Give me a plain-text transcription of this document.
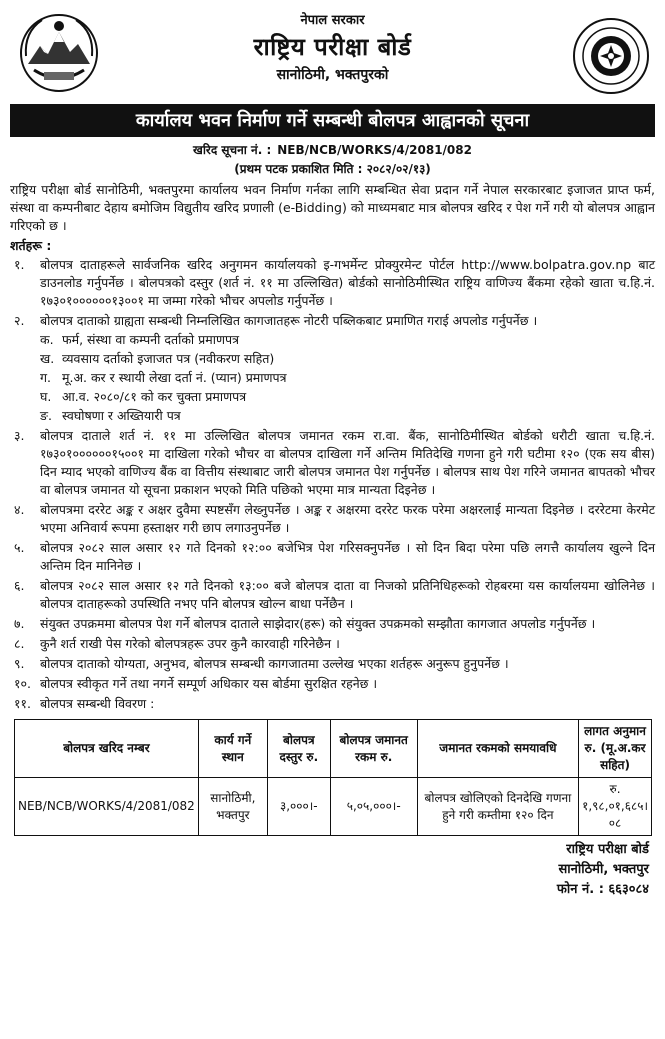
नेपाल सरकार
राष्ट्रिय परीक्षा बोर्ड
सानोठिमी, भक्तपुरको
कार्यालय भवन निर्माण गर्ने सम्बन्धी बोलपत्र आह्वानको सूचना
खरिद सूचना नं. : NEB/NCB/WORKS/4/2081/082
(प्रथम पटक प्रकाशित मिति : २०८२/०२/१३)
राष्ट्रिय परीक्षा बोर्ड सानोठिमी, भक्तपुरमा कार्यालय भवन निर्माण गर्नका लागि सम्बन्धित सेवा प्रदान गर्ने नेपाल सरकारबाट इजाजत प्राप्त फर्म, संस्था वा कम्पनीबाट देहाय बमोजिम विद्युतीय खरिद प्रणाली (e-Bidding) को माध्यमबाट मात्र बोलपत्र खरिद र पेश गर्ने गरी यो बोलपत्र आह्वान गरिएको छ ।
शर्तहरू :
१.	बोलपत्र दाताहरूले सार्वजनिक खरिद अनुगमन कार्यालयको इ-गभर्मेन्ट प्रोक्युरमेन्ट पोर्टल http://www.bolpatra.gov.np बाट डाउनलोड गर्नुपर्नेछ । बोलपत्रको दस्तुर (शर्त नं. ११ मा उल्लिखित) बोर्डको सानोठिमीस्थित राष्ट्रिय वाणिज्य बैंकमा रहेको खाता च.हि.नं. १७३०१००००००१३००१ मा जम्मा गरेको भौचर अपलोड गर्नुपर्नेछ ।
२.	बोलपत्र दाताको ग्राह्यता सम्बन्धी निम्नलिखित कागजातहरू नोटरी पब्लिकबाट प्रमाणित गराई अपलोड गर्नुपर्नेछ ।
क. फर्म, संस्था वा कम्पनी दर्ताको प्रमाणपत्र
ख. व्यवसाय दर्ताको इजाजत पत्र (नवीकरण सहित)
ग. मू.अ. कर र स्थायी लेखा दर्ता नं. (प्यान) प्रमाणपत्र
घ. आ.व. २०८०/८१ को कर चुक्ता प्रमाणपत्र
ङ. स्वघोषणा र अख्तियारी पत्र
३.	बोलपत्र दाताले शर्त नं. ११ मा उल्लिखित बोलपत्र जमानत रकम रा.वा. बैंक, सानोठिमीस्थित बोर्डको धरौटी खाता च.हि.नं. १७३०१००००००१५००१ मा दाखिला गरेको भौचर वा बोलपत्र दाखिला गर्ने अन्तिम मितिदेखि गणना हुने गरी घटीमा १२० (एक सय बीस) दिन म्याद भएको वाणिज्य बैंक वा वित्तीय संस्थाबाट जारी बोलपत्र जमानत पेश गर्नुपर्नेछ । बोलपत्र साथ पेश गरिने जमानत बापतको भौचर वा बोलपत्र जमानत यो सूचना प्रकाशन भएको मिति पछिको भएमा मात्र मान्यता दिइनेछ ।
४.	बोलपत्रमा दररेट अङ्क र अक्षर दुवैमा स्पष्टसँग लेख्नुपर्नेछ । अङ्क र अक्षरमा दररेट फरक परेमा अक्षरलाई मान्यता दिइनेछ । दररेटमा केरमेट भएमा अनिवार्य रूपमा हस्ताक्षर गरी छाप लगाउनुपर्नेछ ।
५.	बोलपत्र २०८२ साल असार १२ गते दिनको १२:०० बजेभित्र पेश गरिसक्नुपर्नेछ । सो दिन बिदा परेमा पछि लगत्तै कार्यालय खुल्ने दिन अन्तिम दिन मानिनेछ ।
६.	बोलपत्र २०८२ साल असार १२ गते दिनको १३:०० बजे बोलपत्र दाता वा निजको प्रतिनिधिहरूको रोहबरमा यस कार्यालयमा खोलिनेछ । बोलपत्र दाताहरूको उपस्थिति नभए पनि बोलपत्र खोल्न बाधा पर्नेछैन ।
७.	संयुक्त उपक्रममा बोलपत्र पेश गर्ने बोलपत्र दाताले साझेदार(हरू) को संयुक्त उपक्रमको सम्झौता कागजात अपलोड गर्नुपर्नेछ ।
८.	कुनै शर्त राखी पेस गरेको बोलपत्रहरू उपर कुनै कारवाही गरिनेछैन ।
९.	बोलपत्र दाताको योग्यता, अनुभव, बोलपत्र सम्बन्धी कागजातमा उल्लेख भएका शर्तहरू अनुरूप हुनुपर्नेछ ।
१०. बोलपत्र स्वीकृत गर्ने तथा नगर्ने सम्पूर्ण अधिकार यस बोर्डमा सुरक्षित रहनेछ ।
११. बोलपत्र सम्बन्धी विवरण :
बोलपत्र खरिद नम्बर	कार्य गर्ने स्थान	बोलपत्र दस्तुर रु.	बोलपत्र जमानत रकम रु.	जमानत रकमको समयावधि	लागत अनुमान रु. (मू.अ.कर सहित)
NEB/NCB/WORKS/4/2081/082	सानोठिमी, भक्तपुर	३,०००।-	५,०५,०००।-	बोलपत्र खोलिएको दिनदेखि गणना हुने गरी कम्तीमा १२० दिन	रु. १,९८,०१,६८५।०८
राष्ट्रिय परीक्षा बोर्ड
सानोठिमी, भक्तपुर
फोन नं. : ६६३०८४
